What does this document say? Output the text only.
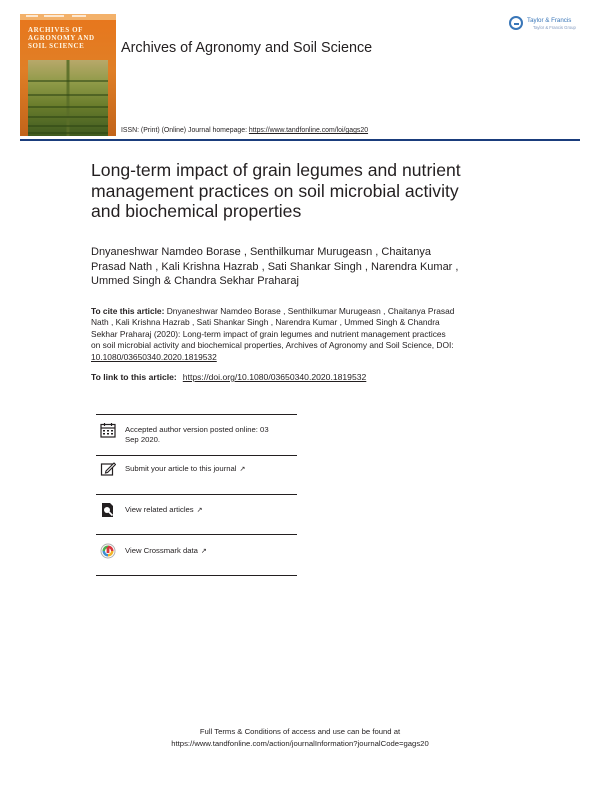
ARCHIVES OF
AGRONOMY AND
SOIL SCIENCE	Archives of Agronomy and Soil Science
Taylor & Francis
Taylor & Francis Group
ISSN: (Print) (Online) Journal homepage: https://www.tandfonline.com/loi/gags20
Long-term impact of grain legumes and nutrient
management practices on soil microbial activity
and biochemical properties
Dnyaneshwar Namdeo Borase , Senthilkumar Murugeasn , Chaitanya
Prasad Nath , Kali Krishna Hazrab , Sati Shankar Singh , Narendra Kumar ,
Ummed Singh & Chandra Sekhar Praharaj
To cite this article: Dnyaneshwar Namdeo Borase , Senthilkumar Murugeasn , Chaitanya Prasad
Nath , Kali Krishna Hazrab , Sati Shankar Singh , Narendra Kumar , Ummed Singh & Chandra
Sekhar Praharaj (2020): Long-term impact of grain legumes and nutrient management practices
on soil microbial activity and biochemical properties, Archives of Agronomy and Soil Science, DOI:
10.1080/03650340.2020.1819532
To link to this article: https://doi.org/10.1080/03650340.2020.1819532
Accepted author version posted online: 03
Sep 2020.
Submit your article to this journal ↗
View related articles ↗
View Crossmark data ↗
Full Terms & Conditions of access and use can be found at
https://www.tandfonline.com/action/journalInformation?journalCode=gags20
